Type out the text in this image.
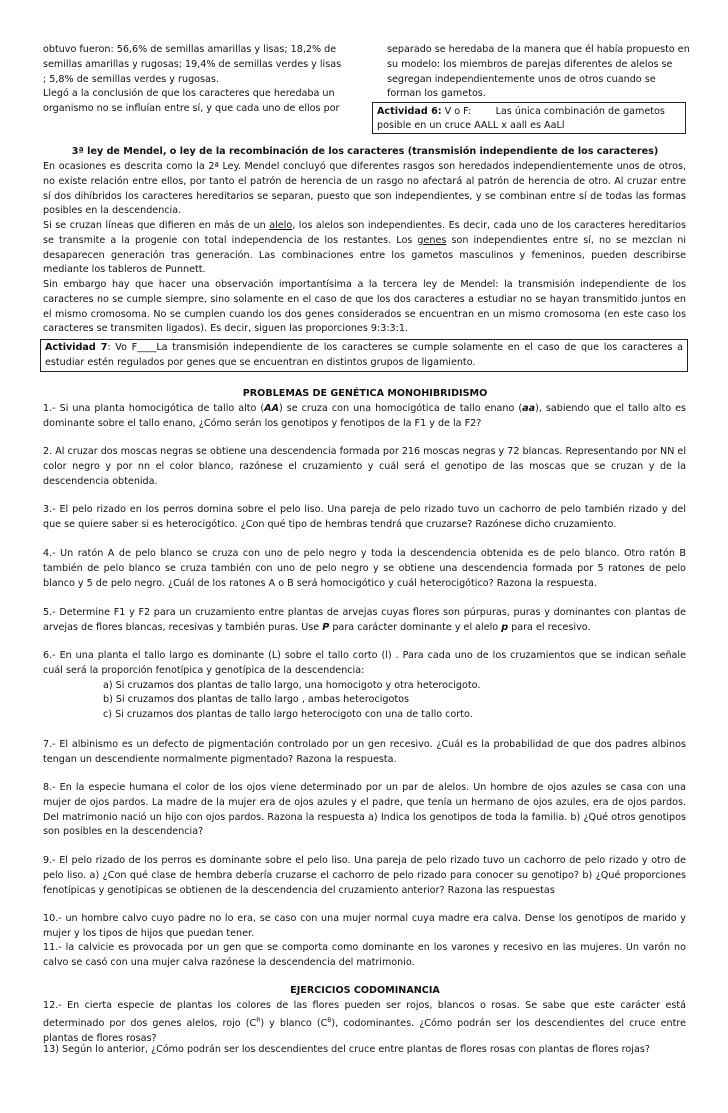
obtuvo fueron: 56,6% de semillas amarillas y lisas; 18,2% de
semillas amarillas y rugosas; 19,4% de semillas verdes y lisas
; 5,8% de semillas verdes y rugosas.
Llegó a la conclusión de que los caracteres que heredaba un
organismo no se influían entre sí, y que cada uno de ellos por
separado se heredaba de la manera que él había propuesto en
su modelo: los miembros de parejas diferentes de alelos se
segregan independientemente unos de otros cuando se
forman los gametos.
Actividad 6: V o F:        Las única combinación de gametos
posible en un cruce AALL x aall es AaLl
3ª ley de Mendel, o ley de la recombinación de los caracteres (transmisión independiente de los caracteres)
En ocasiones es descrita como la 2ª Ley. Mendel concluyó que diferentes rasgos son heredados independientemente unos de otros, no existe relación entre ellos, por tanto el patrón de herencia de un rasgo no afectará al patrón de herencia de otro. Al cruzar entre sí dos dihíbridos los caracteres hereditarios se separan, puesto que son independientes, y se combinan entre sí de todas las formas posibles en la descendencia.
Si se cruzan líneas que difieren en más de un alelo, los alelos son independientes. Es decir, cada uno de los caracteres hereditarios se transmite a la progenie con total independencia de los restantes. Los genes son independientes entre sí, no se mezclan ni desaparecen generación tras generación. Las combinaciones entre los gametos masculinos y femeninos, pueden describirse mediante los tableros de Punnett.
Sin embargo hay que hacer una observación importantísima a la tercera ley de Mendel: la transmisión independiente de los caracteres no se cumple siempre, sino solamente en el caso de que los dos caracteres a estudiar no se hayan transmitido juntos en el mismo cromosoma. No se cumplen cuando los dos genes considerados se encuentran en un mismo cromosoma (en este caso los caracteres se transmiten ligados). Es decir, siguen las proporciones 9:3:3:1.
Actividad 7: Vo F____La transmisión independiente de los caracteres se cumple solamente en el caso de que los caracteres a estudiar estén regulados por genes que se encuentran en distintos grupos de ligamiento.
PROBLEMAS DE GENÉTICA MONOHIBRIDISMO
1.- Si una planta homocigótica de tallo alto (AA) se cruza con una homocigótica de tallo enano (aa), sabiendo que el tallo alto es dominante sobre el tallo enano, ¿Cómo serán los genotipos y fenotipos de la F1 y de la F2?
2. Al cruzar dos moscas negras se obtiene una descendencia formada por 216 moscas negras y 72 blancas. Representando por NN el color negro y por nn el color blanco, razónese el cruzamiento y cuál será el genotipo de las moscas que se cruzan y de la descendencia obtenida.
3.- El pelo rizado en los perros domina sobre el pelo liso. Una pareja de pelo rizado tuvo un cachorro de pelo también rizado y del que se quiere saber si es heterocigótico. ¿Con qué tipo de hembras tendrá que cruzarse? Razónese dicho cruzamiento.
4.- Un ratón A de pelo blanco se cruza con uno de pelo negro y toda la descendencia obtenida es de pelo blanco. Otro ratón B también de pelo blanco se cruza también con uno de pelo negro y se obtiene una descendencia formada por 5 ratones de pelo blanco y 5 de pelo negro. ¿Cuál de los ratones A o B será homocigótico y cuál heterocigótico? Razona la respuesta.
5.- Determine F1 y F2 para un cruzamiento entre plantas de arvejas cuyas flores son púrpuras, puras y dominantes con plantas de arvejas de flores blancas, recesivas y también puras. Use P para carácter dominante y el alelo p para el recesivo.
6.- En una planta el tallo largo es dominante (L) sobre el tallo corto (l) . Para cada uno de los cruzamientos que se indican señale cuál será la proporción fenotípica y genotípica de la descendencia:
a) Si cruzamos dos plantas de tallo largo, una homocigoto y otra heterocigoto.
b) Si cruzamos dos plantas de tallo largo , ambas heterocigotos
c) Si cruzamos dos plantas de tallo largo heterocigoto con una de tallo corto.
7.- El albinismo es un defecto de pigmentación controlado por un gen recesivo. ¿Cuál es la probabilidad de que dos padres albinos tengan un descendiente normalmente pigmentado? Razona la respuesta.
8.- En la especie humana el color de los ojos viene determinado por un par de alelos. Un hombre de ojos azules se casa con una mujer de ojos pardos. La madre de la mujer era de ojos azules y el padre, que tenía un hermano de ojos azules, era de ojos pardos. Del matrimonio nació un hijo con ojos pardos. Razona la respuesta a) Indica los genotipos de toda la familia. b) ¿Qué otros genotipos son posibles en la descendencia?
9.- El pelo rizado de los perros es dominante sobre el pelo liso. Una pareja de pelo rizado tuvo un cachorro de pelo rizado y otro de pelo liso. a) ¿Con qué clase de hembra debería cruzarse el cachorro de pelo rizado para conocer su genotipo? b) ¿Qué proporciones fenotípicas y genotípicas se obtienen de la descendencia del cruzamiento anterior? Razona las respuestas
10.- un hombre calvo cuyo padre no lo era, se caso con una mujer normal cuya madre era calva. Dense los genotipos de marido y mujer y los tipos de hijos que puedan tener.
11.- la calvicie es provocada por un gen que se comporta como dominante en los varones y recesivo en las mujeres. Un varón no calvo se casó con una mujer calva razónese la descendencia del matrimonio.
EJERCICIOS CODOMINANCIA
12.- En cierta especie de plantas los colores de las flores pueden ser rojos, blancos o rosas. Se sabe que este carácter está determinado por dos genes alelos, rojo $(C^R)$ y blanco $(C^B)$, codominantes. ¿Cómo podrán ser los descendientes del cruce entre plantas de flores rosas?
13) Según lo anterior, ¿Cómo podrán ser los descendientes del cruce entre plantas de flores rosas con plantas de flores rojas?
